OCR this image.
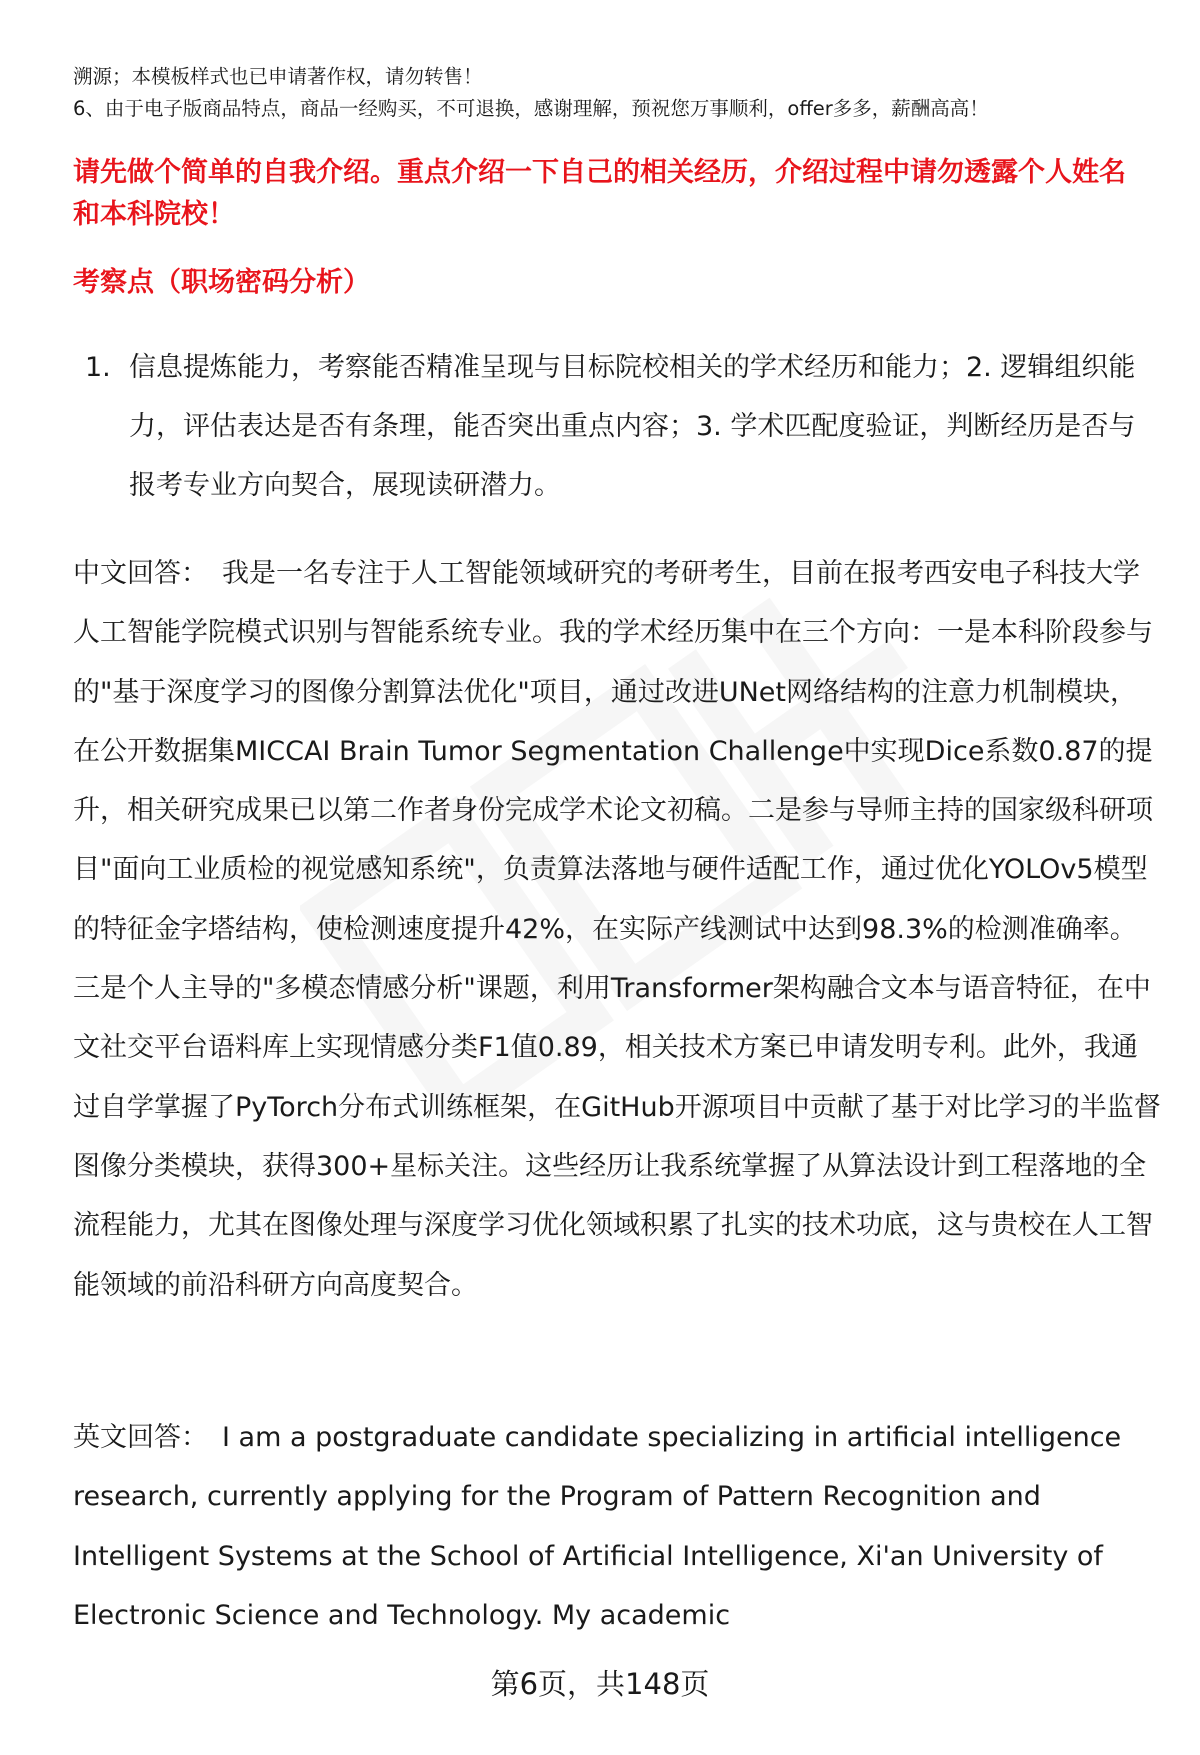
溯源；本模板样式也已申请著作权，请勿转售！
6、由于电子版商品特点，商品一经购买，不可退换，感谢理解，预祝您万事顺利，offer多多，薪酬高高！
请先做个简单的自我介绍。重点介绍一下自己的相关经历，介绍过程中请勿透露个人姓名和本科院校！
考察点（职场密码分析）
1. 信息提炼能力，考察能否精准呈现与目标院校相关的学术经历和能力；2. 逻辑组织能力，评估表达是否有条理，能否突出重点内容；3. 学术匹配度验证，判断经历是否与报考专业方向契合，展现读研潜力。

中文回答： 我是一名专注于人工智能领域研究的考研考生，目前在报考西安电子科技大学人工智能学院模式识别与智能系统专业。我的学术经历集中在三个方向：一是本科阶段参与的"基于深度学习的图像分割算法优化"项目，通过改进UNet网络结构的注意力机制模块，在公开数据集MICCAI Brain Tumor Segmentation Challenge中实现Dice系数0.87的提升，相关研究成果已以第二作者身份完成学术论文初稿。二是参与导师主持的国家级科研项目"面向工业质检的视觉感知系统"，负责算法落地与硬件适配工作，通过优化YOLOv5模型的特征金字塔结构，使检测速度提升42%，在实际产线测试中达到98.3%的检测准确率。三是个人主导的"多模态情感分析"课题，利用Transformer架构融合文本与语音特征，在中文社交平台语料库上实现情感分类F1值0.89，相关技术方案已申请发明专利。此外，我通过自学掌握了PyTorch分布式训练框架，在GitHub开源项目中贡献了基于对比学习的半监督图像分类模块，获得300+星标关注。这些经历让我系统掌握了从算法设计到工程落地的全流程能力，尤其在图像处理与深度学习优化领域积累了扎实的技术功底，这与贵校在人工智能领域的前沿科研方向高度契合。

英文回答： I am a postgraduate candidate specializing in artificial intelligence research, currently applying for the Program of Pattern Recognition and Intelligent Systems at the School of Artificial Intelligence, Xi'an University of Electronic Science and Technology. My academic

第6页，共148页
